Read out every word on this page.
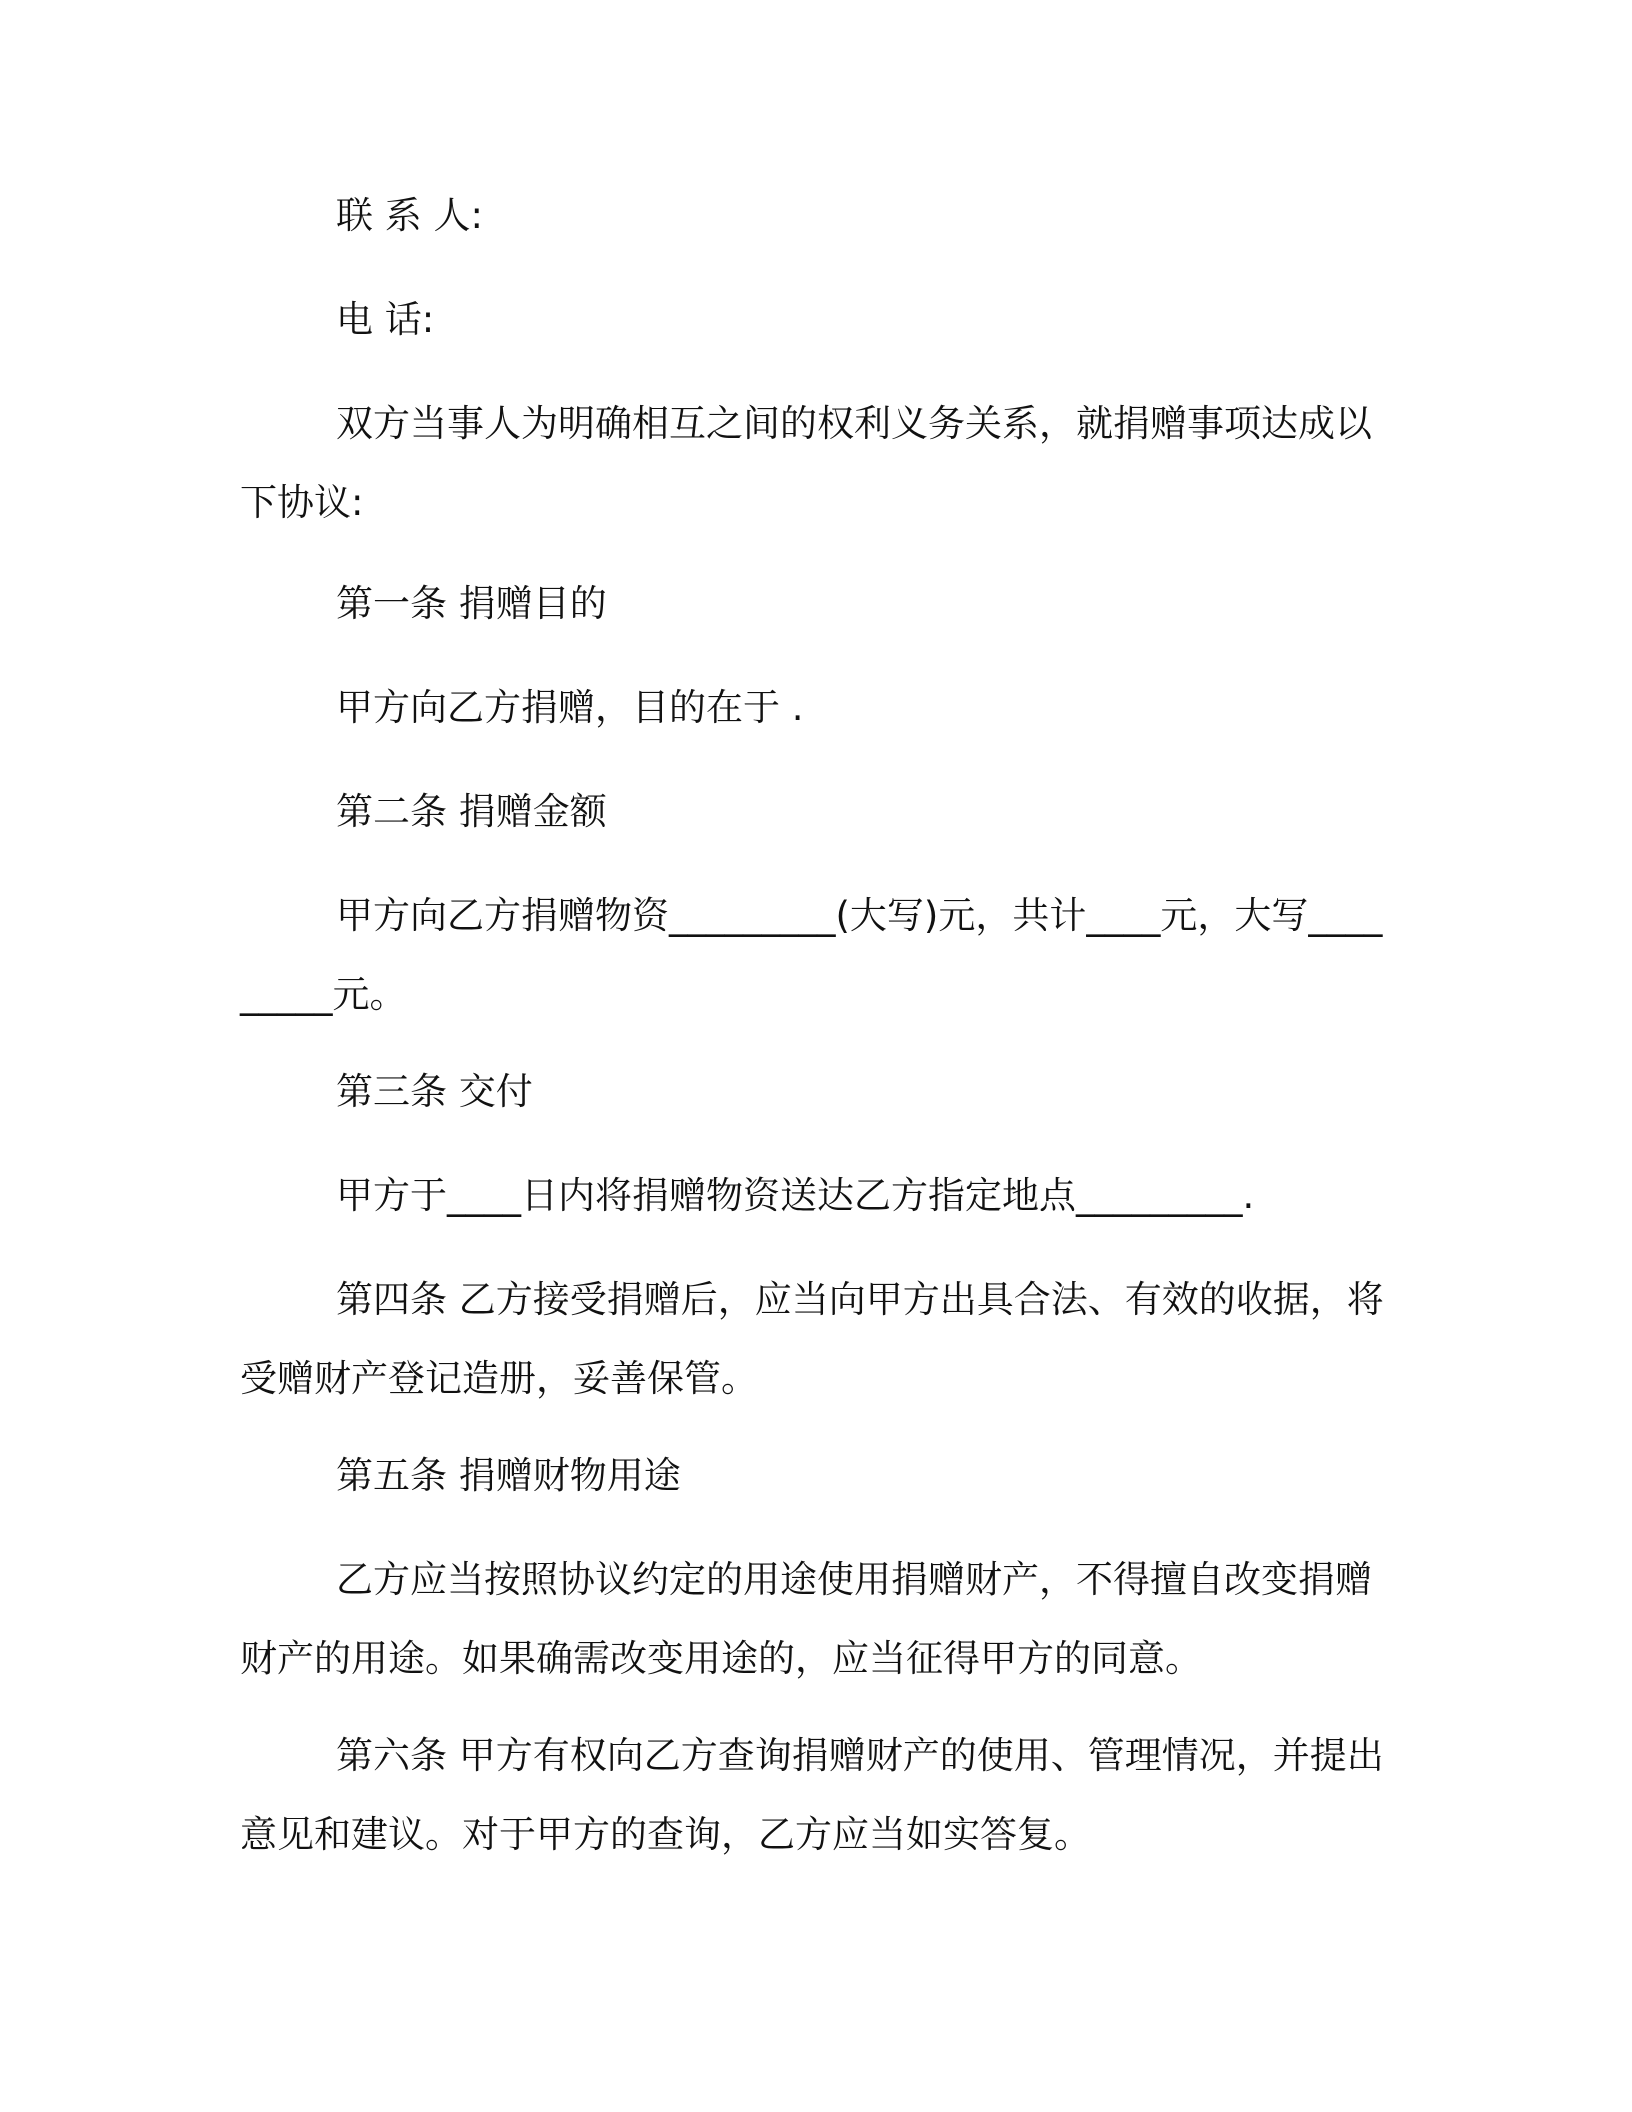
联 系 人:

电 话:

双方当事人为明确相互之间的权利义务关系，就捐赠事项达成以下协议:

第一条 捐赠目的

甲方向乙方捐赠，目的在于 .

第二条 捐赠金额

甲方向乙方捐赠物资_________(大写)元，共计____元，大写_________元。

第三条 交付

甲方于____日内将捐赠物资送达乙方指定地点_________.

第四条 乙方接受捐赠后，应当向甲方出具合法、有效的收据，将受赠财产登记造册，妥善保管。

第五条 捐赠财物用途

乙方应当按照协议约定的用途使用捐赠财产，不得擅自改变捐赠财产的用途。如果确需改变用途的，应当征得甲方的同意。

第六条 甲方有权向乙方查询捐赠财产的使用、管理情况，并提出意见和建议。对于甲方的查询，乙方应当如实答复。
